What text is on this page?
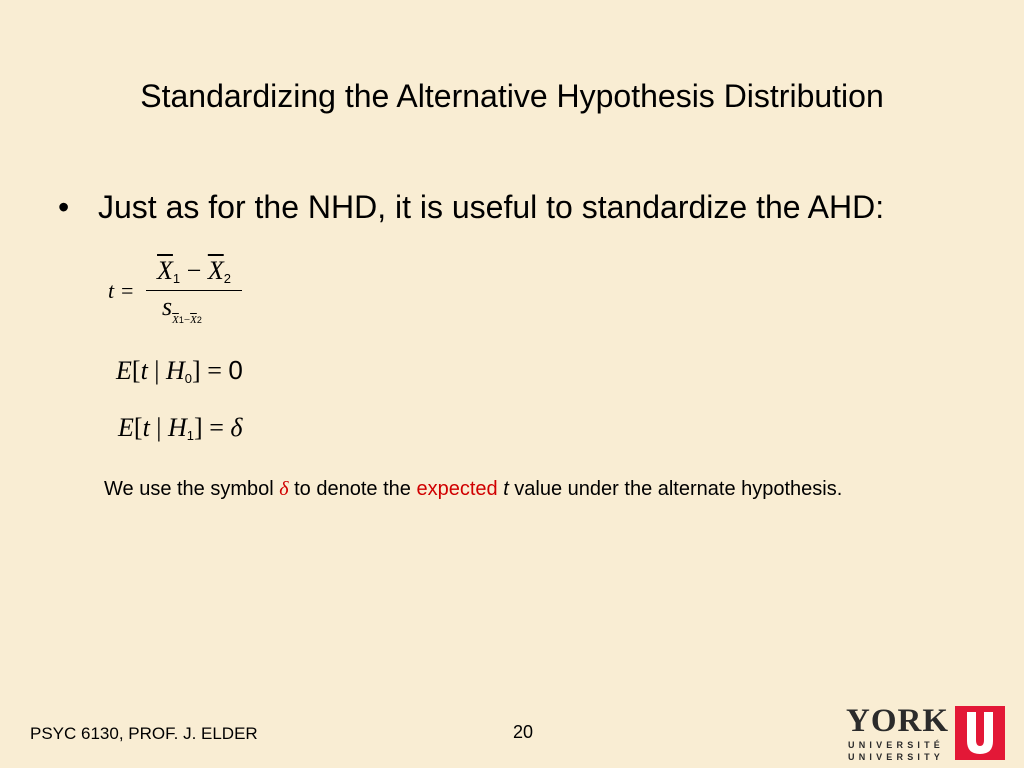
Standardizing the Alternative Hypothesis Distribution
• Just as for the NHD, it is useful to standardize the AHD:
t =
$\overline{X}_1 - \overline{X}_2$
$s_{\overline{X}1-\overline{X}2}$
E[t | $H_0] = 0$
E[t | $H_1] = \delta$
We use the symbol δ to denote the expected t value under the alternate hypothesis.
PSYC 6130, PROF. J. ELDER	20	YORK
UNIVERSITÉ
UNIVERSITY
